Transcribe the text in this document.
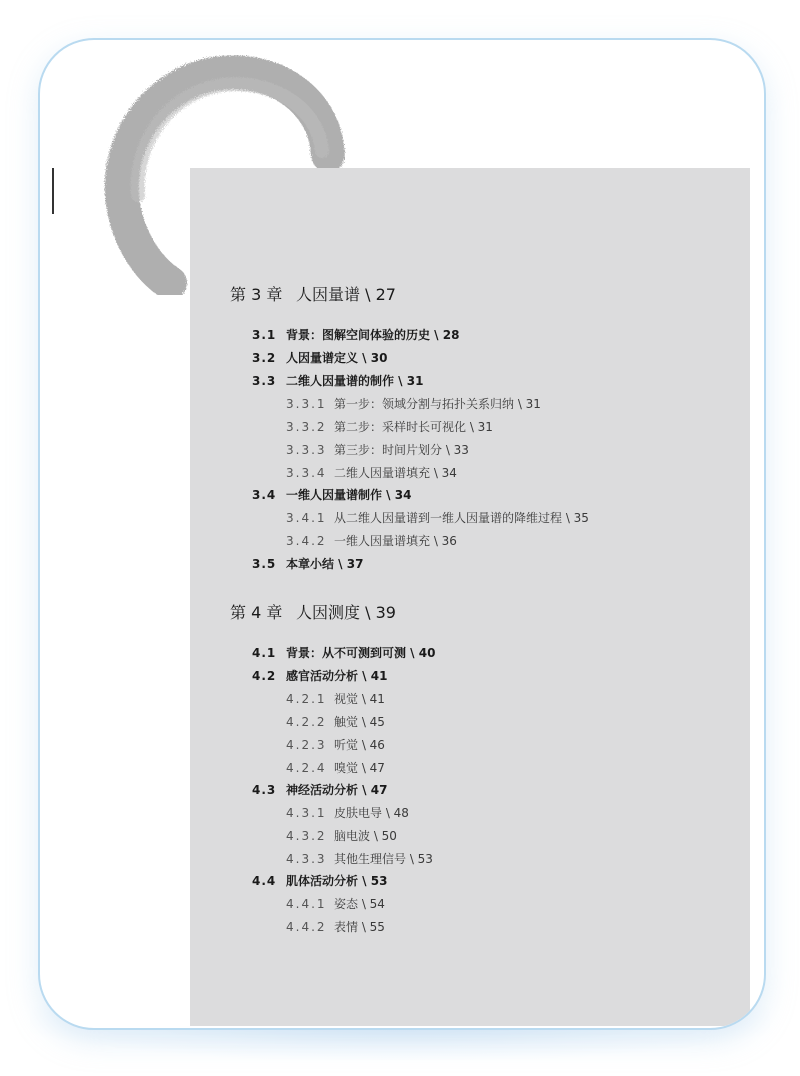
第 3 章 人因量谱 \ 27
3.1 背景：图解空间体验的历史 \ 28
3.2 人因量谱定义 \ 30
3.3 二维人因量谱的制作 \ 31
3.3.1 第一步：领域分割与拓扑关系归纳 \ 31
3.3.2 第二步：采样时长可视化 \ 31
3.3.3 第三步：时间片划分 \ 33
3.3.4 二维人因量谱填充 \ 34
3.4 一维人因量谱制作 \ 34
3.4.1 从二维人因量谱到一维人因量谱的降维过程 \ 35
3.4.2 一维人因量谱填充 \ 36
3.5 本章小结 \ 37
第 4 章 人因测度 \ 39
4.1 背景：从不可测到可测 \ 40
4.2 感官活动分析 \ 41
4.2.1 视觉 \ 41
4.2.2 触觉 \ 45
4.2.3 听觉 \ 46
4.2.4 嗅觉 \ 47
4.3 神经活动分析 \ 47
4.3.1 皮肤电导 \ 48
4.3.2 脑电波 \ 50
4.3.3 其他生理信号 \ 53
4.4 肌体活动分析 \ 53
4.4.1 姿态 \ 54
4.4.2 表情 \ 55
